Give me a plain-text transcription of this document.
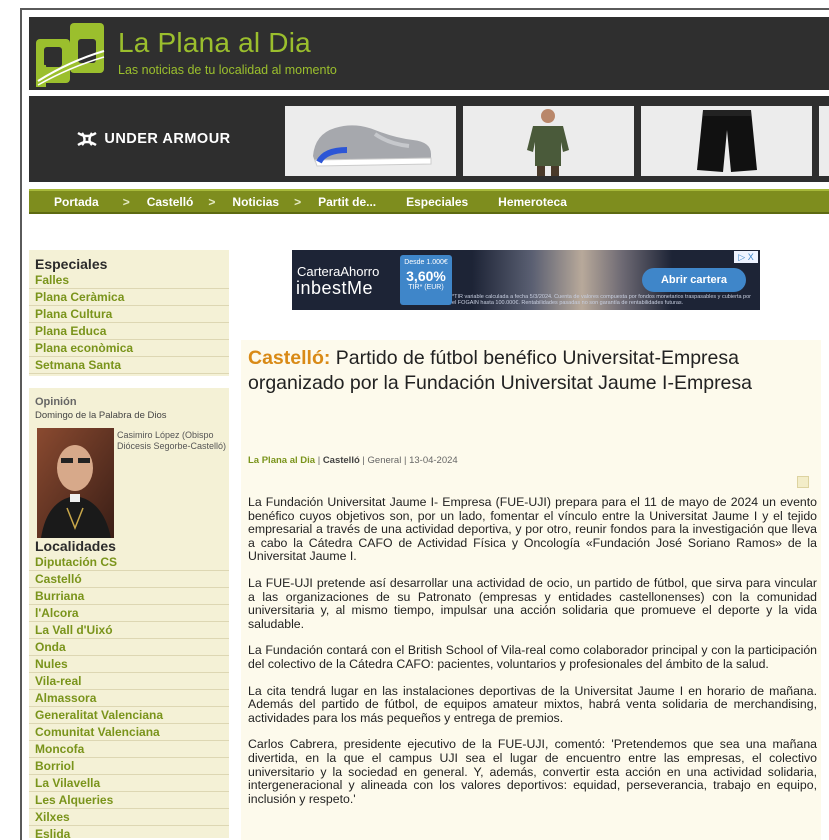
La Plana al Dia
Las noticias de tu localidad al momento
UNDER ARMOUR
Portada > Castelló > Noticias > Partit de...	Especiales	Hemeroteca
Especiales
Falles
Plana Ceràmica
Plana Cultura
Plana Educa
Plana econòmica
Setmana Santa
Opinión
Domingo de la Palabra de Dios
Casimiro López (Obispo Diócesis Segorbe-Castelló)
Localidades
Diputación CS
Castelló
Burriana
l'Alcora
La Vall d'Uixó
Onda
Nules
Vila-real
Almassora
Generalitat Valenciana
Comunitat Valenciana
Moncofa
Borriol
La Vilavella
Les Alqueries
Xilxes
Eslida
CarteraAhorro
inbestMe
Desde 1.000€
3,60%
TIR* (EUR)
Abrir cartera
▷ X
*TIR variable calculada a fecha 5/3/2024. Cuenta de valores compuesta por fondos monetarios traspasables y cubierta por el FOGAIN hasta 100.000€. Rentabilidades pasadas no son garantía de rentabilidades futuras.
Castelló: Partido de fútbol benéfico Universitat-Empresa organizado por la Fundación Universitat Jaume I-Empresa
La Plana al Dia | Castelló | General | 13-04-2024

La Fundación Universitat Jaume I- Empresa (FUE-UJI) prepara para el 11 de mayo de 2024 un evento benéfico cuyos objetivos son, por un lado, fomentar el vínculo entre la Universitat Jaume I y el tejido empresarial a través de una actividad deportiva, y por otro, reunir fondos para la investigación que lleva a cabo la Cátedra CAFO de Actividad Física y Oncología «Fundación José Soriano Ramos» de la Universitat Jaume I.

La FUE-UJI pretende así desarrollar una actividad de ocio, un partido de fútbol, que sirva para vincular a las organizaciones de su Patronato (empresas y entidades castellonenses) con la comunidad universitaria y, al mismo tiempo, impulsar una acción solidaria que promueve el deporte y la vida saludable.

La Fundación contará con el British School of Vila-real como colaborador principal y con la participación del colectivo de la Cátedra CAFO: pacientes, voluntarios y profesionales del ámbito de la salud.

La cita tendrá lugar en las instalaciones deportivas de la Universitat Jaume I en horario de mañana. Además del partido de fútbol, de equipos amateur mixtos, habrá venta solidaria de merchandising, actividades para los más pequeños y entrega de premios.

Carlos Cabrera, presidente ejecutivo de la FUE-UJI, comentó: 'Pretendemos que sea una mañana divertida, en la que el campus UJI sea el lugar de encuentro entre las empresas, el colectivo universitario y la sociedad en general. Y, además, convertir esta acción en una actividad solidaria, intergeneracional y alineada con los valores deportivos: equidad, perseverancia, trabajo en equipo, inclusión y respeto.'
